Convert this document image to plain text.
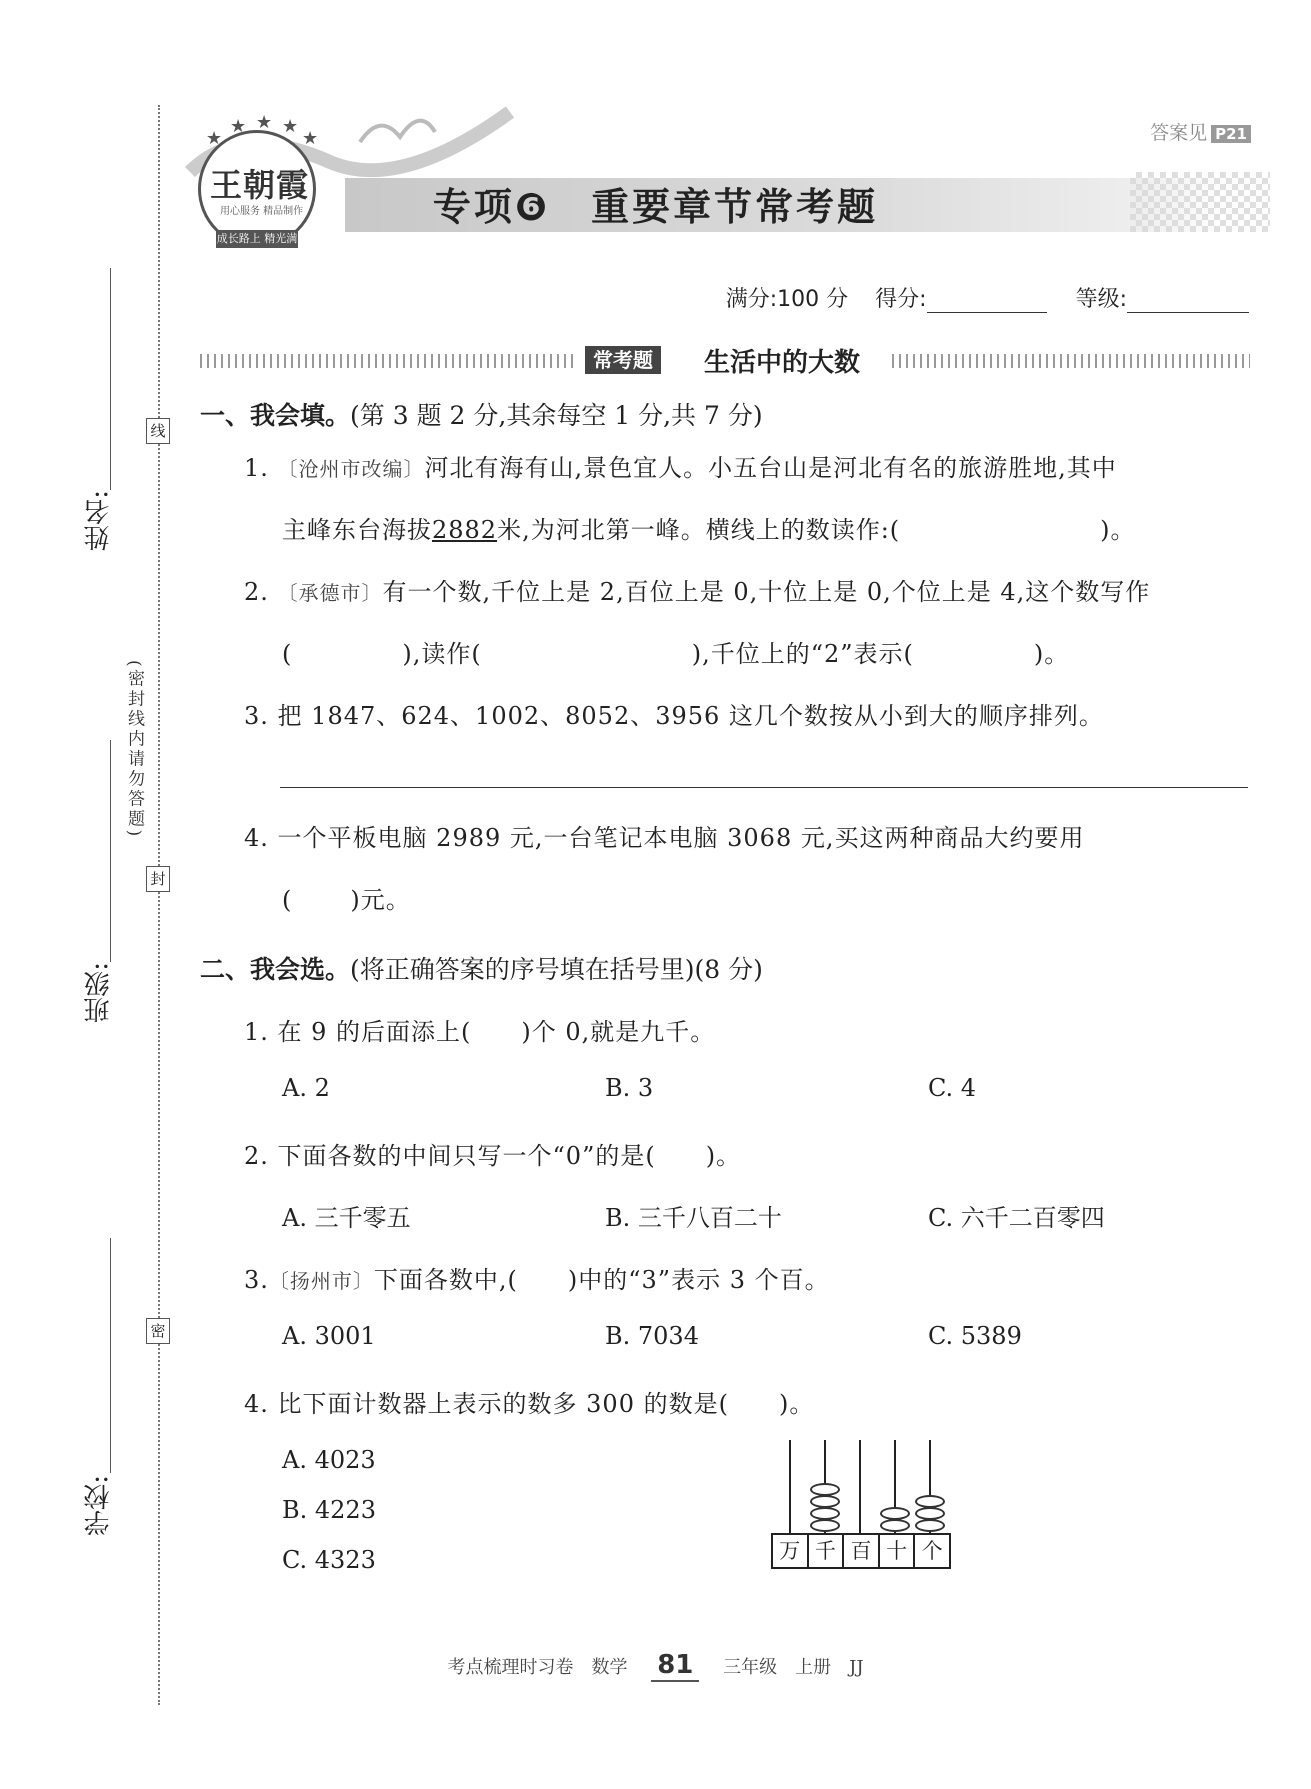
线
封
密
(密封线内请勿答题)
姓名:
班级:
学校:
★
★ ★ ★
★
王朝霞
用心服务 精品制作
成长路上 精光满天
答案见 P21
专项❻　重要章节常考题
满分:100 分 得分:	等级:
常考题	生活中的大数
一、我会填。(第 3 题 2 分,其余每空 1 分,共 7 分)
1. 〔沧州市改编〕河北有海有山,景色宜人。小五台山是河北有名的旅游胜地,其中
主峰东台海拔2882米,为河北第一峰。横线上的数读作:(	)。
2. 〔承德市〕有一个数,千位上是 2,百位上是 0,十位上是 0,个位上是 4,这个数写作
(	),读作(	),千位上的“2”表示(	)。
3. 把 1847、624、1002、8052、3956 这几个数按从小到大的顺序排列。
4. 一个平板电脑 2989 元,一台笔记本电脑 3068 元,买这两种商品大约要用
( )元。
二、我会选。(将正确答案的序号填在括号里)(8 分)
1. 在 9 的后面添上(　　)个 0,就是九千。
A. 2	B. 3	C. 4
2. 下面各数的中间只写一个“0”的是(　　)。
A. 三千零五	B. 三千八百二十	C. 六千二百零四
3.〔扬州市〕下面各数中,(　　)中的“3”表示 3 个百。
A. 3001	B. 7034	C. 5389
4. 比下面计数器上表示的数多 300 的数是(　　)。
A. 4023
B. 4223
C. 4323	万 千 百 十 个
考点梳理时习卷　数学 81 三年级　上册　JJ
